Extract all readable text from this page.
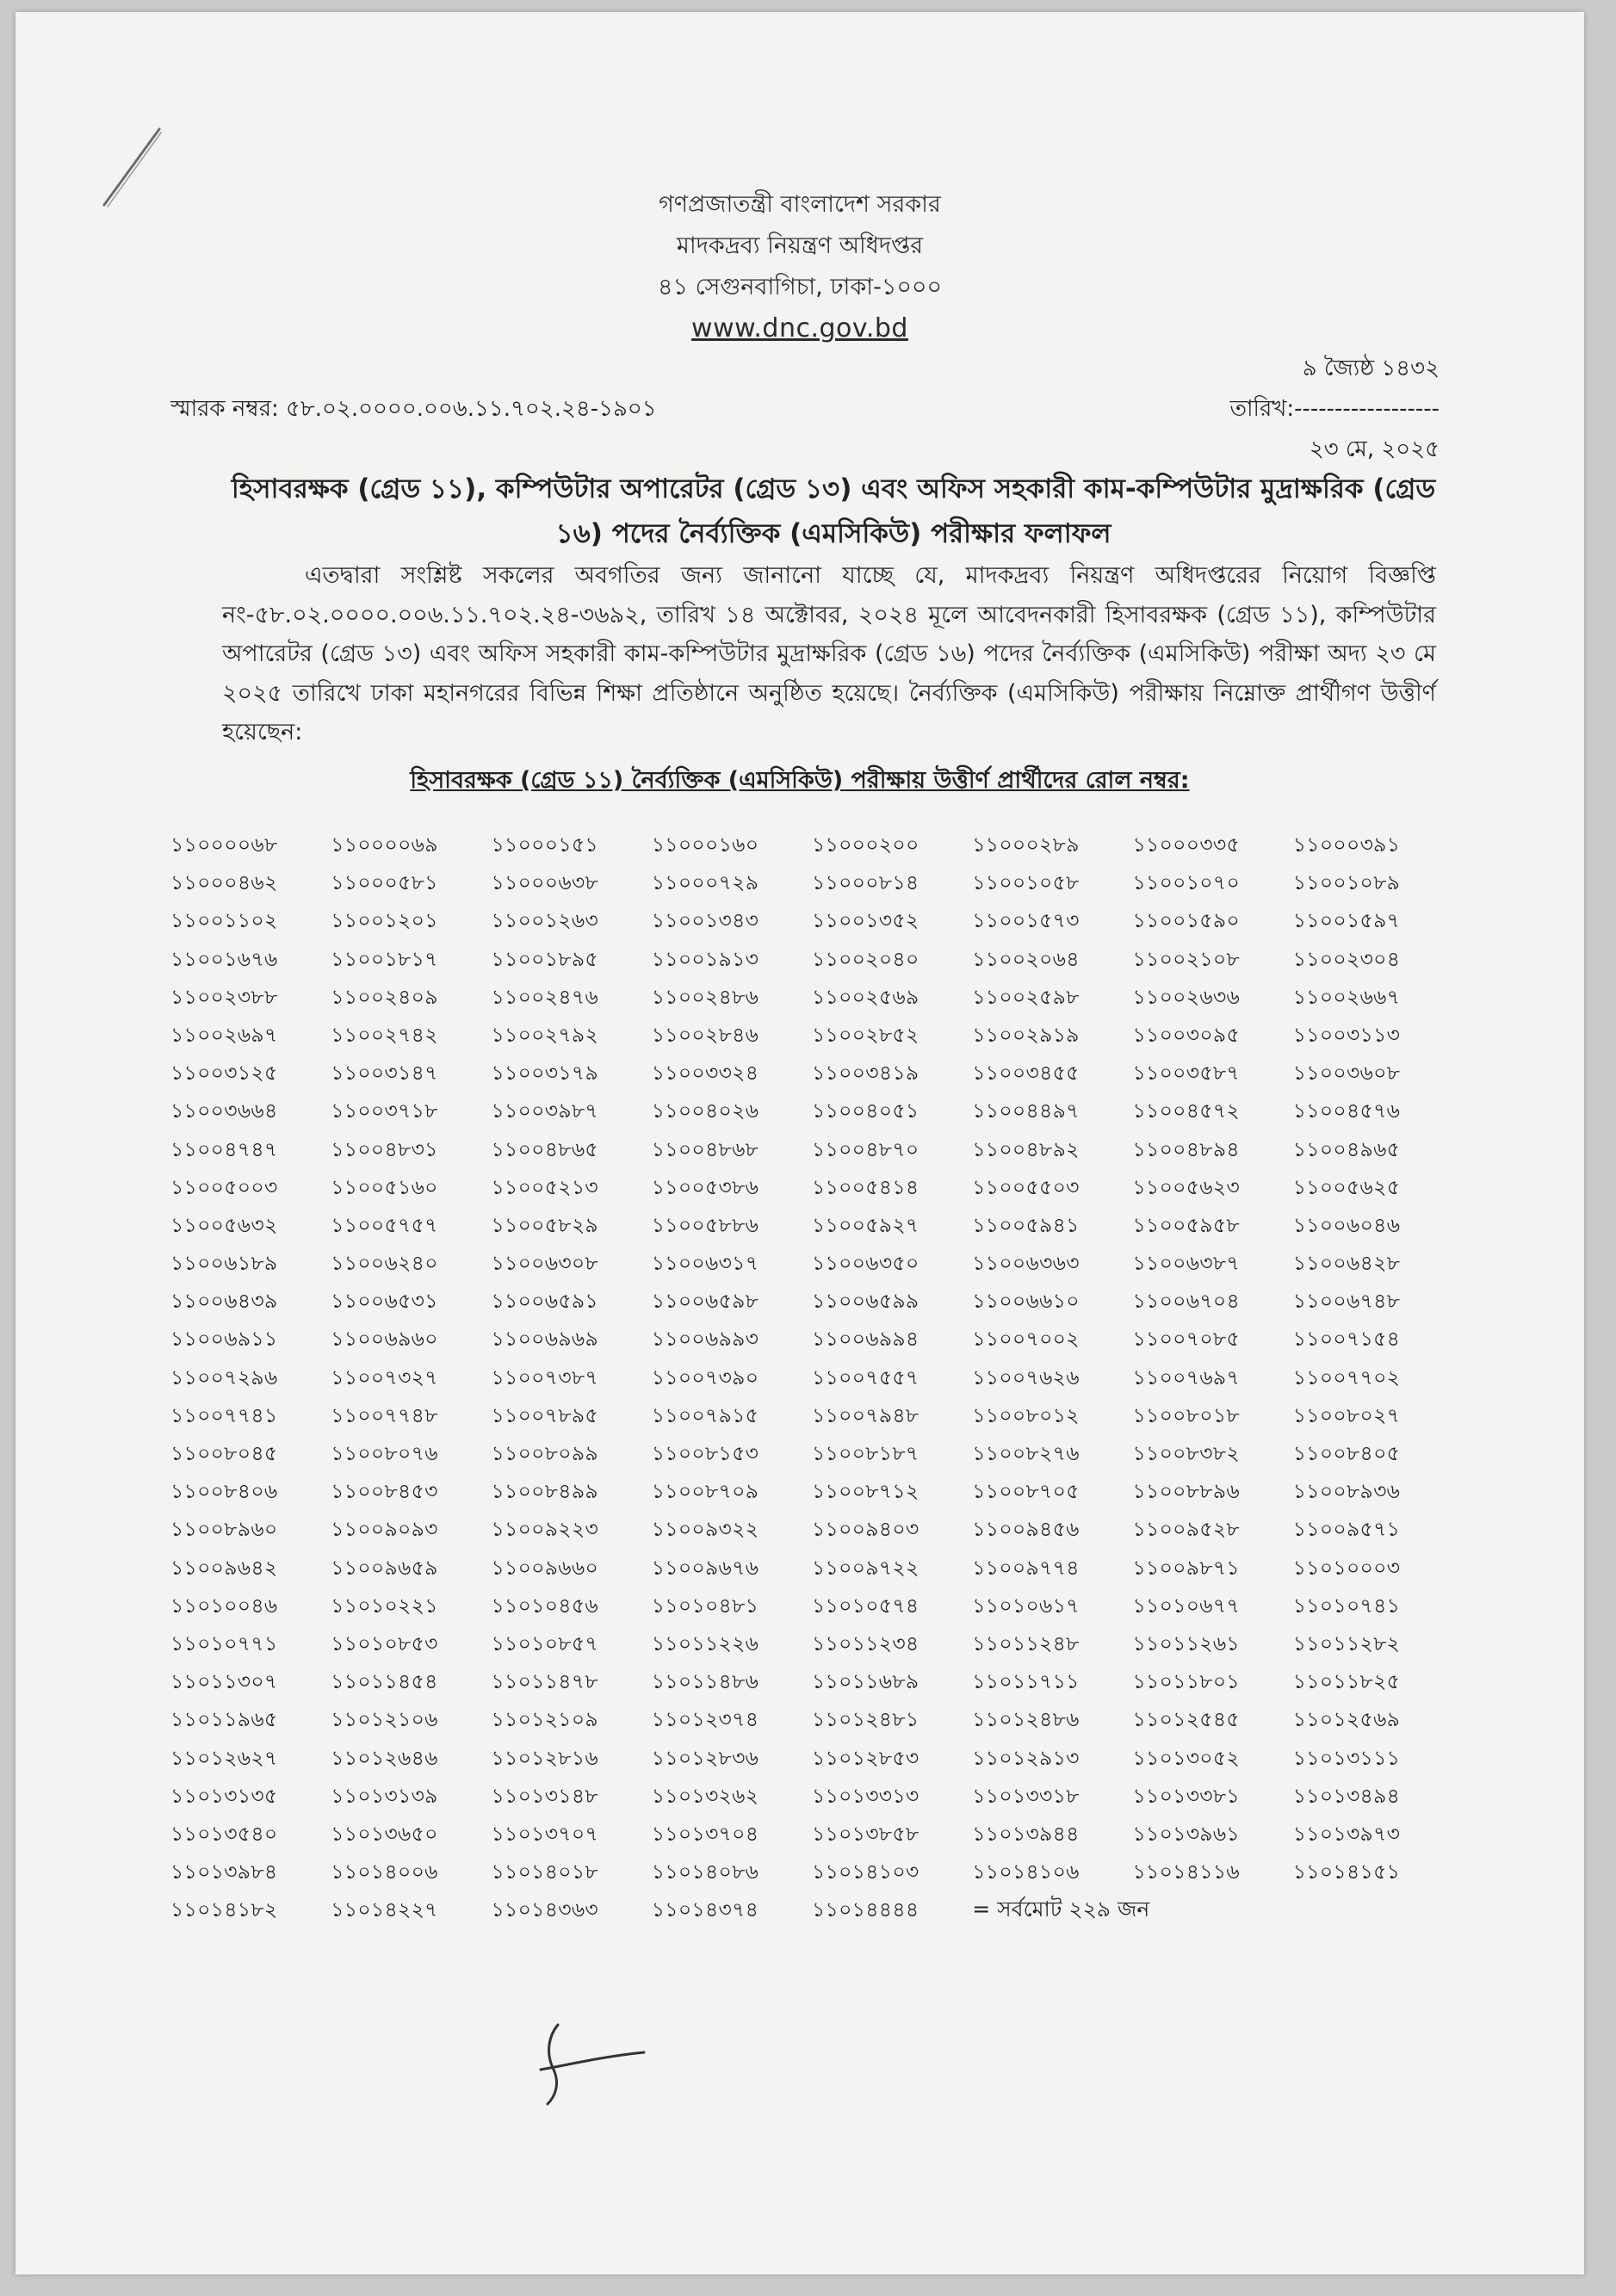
গণপ্রজাতন্ত্রী বাংলাদেশ সরকার
মাদকদ্রব্য নিয়ন্ত্রণ অধিদপ্তর
৪১ সেগুনবাগিচা, ঢাকা-১০০০
www.dnc.gov.bd
৯ জ্যৈষ্ঠ ১৪৩২
স্মারক নম্বর: ৫৮.০২.০০০০.০০৬.১১.৭০২.২৪-১৯০১	তারিখ:------------------
২৩ মে, ২০২৫
হিসাবরক্ষক (গ্রেড ১১), কম্পিউটার অপারেটর (গ্রেড ১৩) এবং অফিস সহকারী কাম-কম্পিউটার মুদ্রাক্ষরিক (গ্রেড ১৬) পদের নৈর্ব্যক্তিক (এমসিকিউ) পরীক্ষার ফলাফল
এতদ্বারা সংশ্লিষ্ট সকলের অবগতির জন্য জানানো যাচ্ছে যে, মাদকদ্রব্য নিয়ন্ত্রণ অধিদপ্তরের নিয়োগ বিজ্ঞপ্তি নং-৫৮.০২.০০০০.০০৬.১১.৭০২.২৪-৩৬৯২, তারিখ ১৪ অক্টোবর, ২০২৪ মূলে আবেদনকারী হিসাবরক্ষক (গ্রেড ১১), কম্পিউটার অপারেটর (গ্রেড ১৩) এবং অফিস সহকারী কাম-কম্পিউটার মুদ্রাক্ষরিক (গ্রেড ১৬) পদের নৈর্ব্যক্তিক (এমসিকিউ) পরীক্ষা অদ্য ২৩ মে ২০২৫ তারিখে ঢাকা মহানগরের বিভিন্ন শিক্ষা প্রতিষ্ঠানে অনুষ্ঠিত হয়েছে। নৈর্ব্যক্তিক (এমসিকিউ) পরীক্ষায় নিম্নোক্ত প্রার্থীগণ উত্তীর্ণ হয়েছেন:
হিসাবরক্ষক (গ্রেড ১১) নৈর্ব্যক্তিক (এমসিকিউ) পরীক্ষায় উত্তীর্ণ প্রার্থীদের রোল নম্বর:
১১০০০০৬৮	১১০০০০৬৯	১১০০০১৫১	১১০০০১৬০	১১০০০২০০	১১০০০২৮৯	১১০০০৩৩৫	১১০০০৩৯১
১১০০০৪৬২	১১০০০৫৮১	১১০০০৬৩৮	১১০০০৭২৯	১১০০০৮১৪	১১০০১০৫৮	১১০০১০৭০	১১০০১০৮৯
১১০০১১০২	১১০০১২০১	১১০০১২৬৩	১১০০১৩৪৩	১১০০১৩৫২	১১০০১৫৭৩	১১০০১৫৯০	১১০০১৫৯৭
১১০০১৬৭৬	১১০০১৮১৭	১১০০১৮৯৫	১১০০১৯১৩	১১০০২০৪০	১১০০২০৬৪	১১০০২১০৮	১১০০২৩০৪
১১০০২৩৮৮	১১০০২৪০৯	১১০০২৪৭৬	১১০০২৪৮৬	১১০০২৫৬৯	১১০০২৫৯৮	১১০০২৬৩৬	১১০০২৬৬৭
১১০০২৬৯৭	১১০০২৭৪২	১১০০২৭৯২	১১০০২৮৪৬	১১০০২৮৫২	১১০০২৯১৯	১১০০৩০৯৫	১১০০৩১১৩
১১০০৩১২৫	১১০০৩১৪৭	১১০০৩১৭৯	১১০০৩৩২৪	১১০০৩৪১৯	১১০০৩৪৫৫	১১০০৩৫৮৭	১১০০৩৬০৮
১১০০৩৬৬৪	১১০০৩৭১৮	১১০০৩৯৮৭	১১০০৪০২৬	১১০০৪০৫১	১১০০৪৪৯৭	১১০০৪৫৭২	১১০০৪৫৭৬
১১০০৪৭৪৭	১১০০৪৮৩১	১১০০৪৮৬৫	১১০০৪৮৬৮	১১০০৪৮৭০	১১০০৪৮৯২	১১০০৪৮৯৪	১১০০৪৯৬৫
১১০০৫০০৩	১১০০৫১৬০	১১০০৫২১৩	১১০০৫৩৮৬	১১০০৫৪১৪	১১০০৫৫০৩	১১০০৫৬২৩	১১০০৫৬২৫
১১০০৫৬৩২	১১০০৫৭৫৭	১১০০৫৮২৯	১১০০৫৮৮৬	১১০০৫৯২৭	১১০০৫৯৪১	১১০০৫৯৫৮	১১০০৬০৪৬
১১০০৬১৮৯	১১০০৬২৪০	১১০০৬৩০৮	১১০০৬৩১৭	১১০০৬৩৫০	১১০০৬৩৬৩	১১০০৬৩৮৭	১১০০৬৪২৮
১১০০৬৪৩৯	১১০০৬৫৩১	১১০০৬৫৯১	১১০০৬৫৯৮	১১০০৬৫৯৯	১১০০৬৬১০	১১০০৬৭০৪	১১০০৬৭৪৮
১১০০৬৯১১	১১০০৬৯৬০	১১০০৬৯৬৯	১১০০৬৯৯৩	১১০০৬৯৯৪	১১০০৭০০২	১১০০৭০৮৫	১১০০৭১৫৪
১১০০৭২৯৬	১১০০৭৩২৭	১১০০৭৩৮৭	১১০০৭৩৯০	১১০০৭৫৫৭	১১০০৭৬২৬	১১০০৭৬৯৭	১১০০৭৭০২
১১০০৭৭৪১	১১০০৭৭৪৮	১১০০৭৮৯৫	১১০০৭৯১৫	১১০০৭৯৪৮	১১০০৮০১২	১১০০৮০১৮	১১০০৮০২৭
১১০০৮০৪৫	১১০০৮০৭৬	১১০০৮০৯৯	১১০০৮১৫৩	১১০০৮১৮৭	১১০০৮২৭৬	১১০০৮৩৮২	১১০০৮৪০৫
১১০০৮৪০৬	১১০০৮৪৫৩	১১০০৮৪৯৯	১১০০৮৭০৯	১১০০৮৭১২	১১০০৮৭০৫	১১০০৮৮৯৬	১১০০৮৯৩৬
১১০০৮৯৬০	১১০০৯০৯৩	১১০০৯২২৩	১১০০৯৩২২	১১০০৯৪০৩	১১০০৯৪৫৬	১১০০৯৫২৮	১১০০৯৫৭১
১১০০৯৬৪২	১১০০৯৬৫৯	১১০০৯৬৬০	১১০০৯৬৭৬	১১০০৯৭২২	১১০০৯৭৭৪	১১০০৯৮৭১	১১০১০০০৩
১১০১০০৪৬	১১০১০২২১	১১০১০৪৫৬	১১০১০৪৮১	১১০১০৫৭৪	১১০১০৬১৭	১১০১০৬৭৭	১১০১০৭৪১
১১০১০৭৭১	১১০১০৮৫৩	১১০১০৮৫৭	১১০১১২২৬	১১০১১২৩৪	১১০১১২৪৮	১১০১১২৬১	১১০১১২৮২
১১০১১৩০৭	১১০১১৪৫৪	১১০১১৪৭৮	১১০১১৪৮৬	১১০১১৬৮৯	১১০১১৭১১	১১০১১৮০১	১১০১১৮২৫
১১০১১৯৬৫	১১০১২১০৬	১১০১২১০৯	১১০১২৩৭৪	১১০১২৪৮১	১১০১২৪৮৬	১১০১২৫৪৫	১১০১২৫৬৯
১১০১২৬২৭	১১০১২৬৪৬	১১০১২৮১৬	১১০১২৮৩৬	১১০১২৮৫৩	১১০১২৯১৩	১১০১৩০৫২	১১০১৩১১১
১১০১৩১৩৫	১১০১৩১৩৯	১১০১৩১৪৮	১১০১৩২৬২	১১০১৩৩১৩	১১০১৩৩১৮	১১০১৩৩৮১	১১০১৩৪৯৪
১১০১৩৫৪০	১১০১৩৬৫০	১১০১৩৭০৭	১১০১৩৭০৪	১১০১৩৮৫৮	১১০১৩৯৪৪	১১০১৩৯৬১	১১০১৩৯৭৩
১১০১৩৯৮৪	১১০১৪০০৬	১১০১৪০১৮	১১০১৪০৮৬	১১০১৪১০৩	১১০১৪১০৬	১১০১৪১১৬	১১০১৪১৫১
১১০১৪১৮২	১১০১৪২২৭	১১০১৪৩৬৩	১১০১৪৩৭৪	১১০১৪৪৪৪	= সর্বমোট ২২৯ জন
